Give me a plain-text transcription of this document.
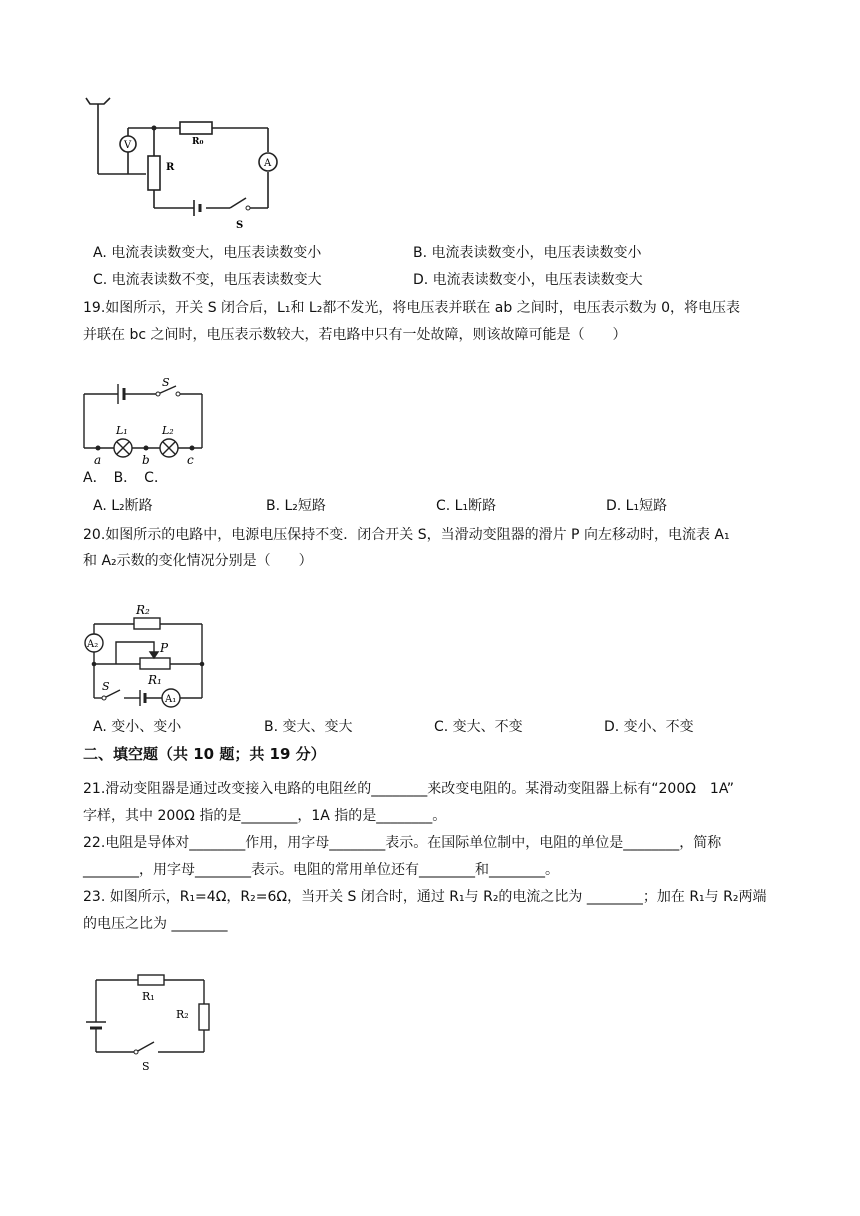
V
A
R
R₀
S
A. 电流表读数变大，电压表读数变小	B. 电流表读数变小，电压表读数变小
C. 电流表读数不变，电压表读数变大	D. 电流表读数变小，电压表读数变大
19.如图所示，开关 S 闭合后，L₁和 L₂都不发光，将电压表并联在 ab 之间时，电压表示数为 0，将电压表
并联在 bc 之间时，电压表示数较大，若电路中只有一处故障，则该故障可能是（　　）
S
L₁	L₂
a	b	c
A．　B．　C．
A. L₂断路	B. L₂短路	C. L₁断路	D. L₁短路
20.如图所示的电路中，电源电压保持不变．闭合开关 S，当滑动变阻器的滑片 P 向左移动时，电流表 A₁
和 A₂示数的变化情况分别是（　　）
R₂
A₂	P
R₁
S
A₁
A. 变小、变小	B. 变大、变大	C. 变大、不变	D. 变小、不变
二、填空题（共 10 题；共 19 分）
21.滑动变阻器是通过改变接入电路的电阻丝的________来改变电阻的。某滑动变阻器上标有“200Ω　1A”
字样，其中 200Ω 指的是________，1A 指的是________。
22.电阻是导体对________作用，用字母________表示。在国际单位制中，电阻的单位是________，简称
________，用字母________表示。电阻的常用单位还有________和________。
23. 如图所示，R₁=4Ω，R₂=6Ω，当开关 S 闭合时，通过 R₁与 R₂的电流之比为 ________；加在 R₁与 R₂两端
的电压之比为 ________
R₁
R₂
S
